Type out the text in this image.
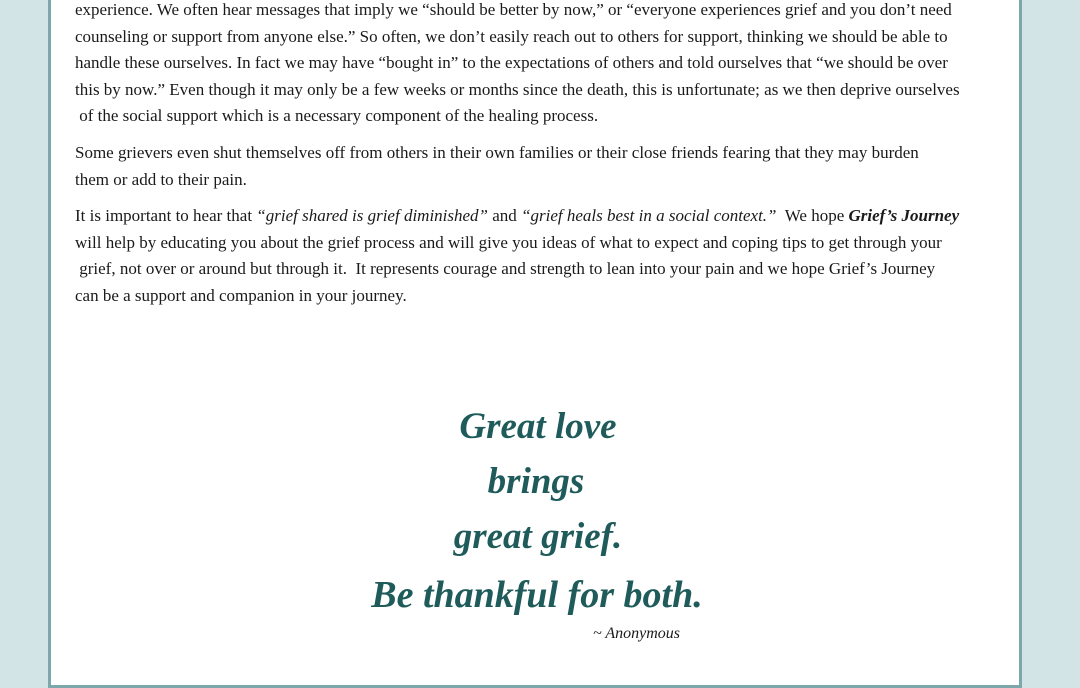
experience. We often hear messages that imply we “should be better by now,” or “everyone experiences grief and you don’t need
counseling or support from anyone else.” So often, we don’t easily reach out to others for support, thinking we should be able to
handle these ourselves. In fact we may have “bought in” to the expectations of others and told ourselves that “we should be over
this by now.” Even though it may only be a few weeks or months since the death, this is unfortunate; as we then deprive ourselves
of the social support which is a necessary component of the healing process.

Some grievers even shut themselves off from others in their own families or their close friends fearing that they may burden
them or add to their pain.

It is important to hear that “grief shared is grief diminished” and “grief heals best in a social context.”  We hope Grief’s Journey
will help by educating you about the grief process and will give you ideas of what to expect and coping tips to get through your
grief, not over or around but through it.  It represents courage and strength to lean into your pain and we hope Grief’s Journey
can be a support and companion in your journey.

Great love
brings
great grief.
Be thankful for both.
~ Anonymous
